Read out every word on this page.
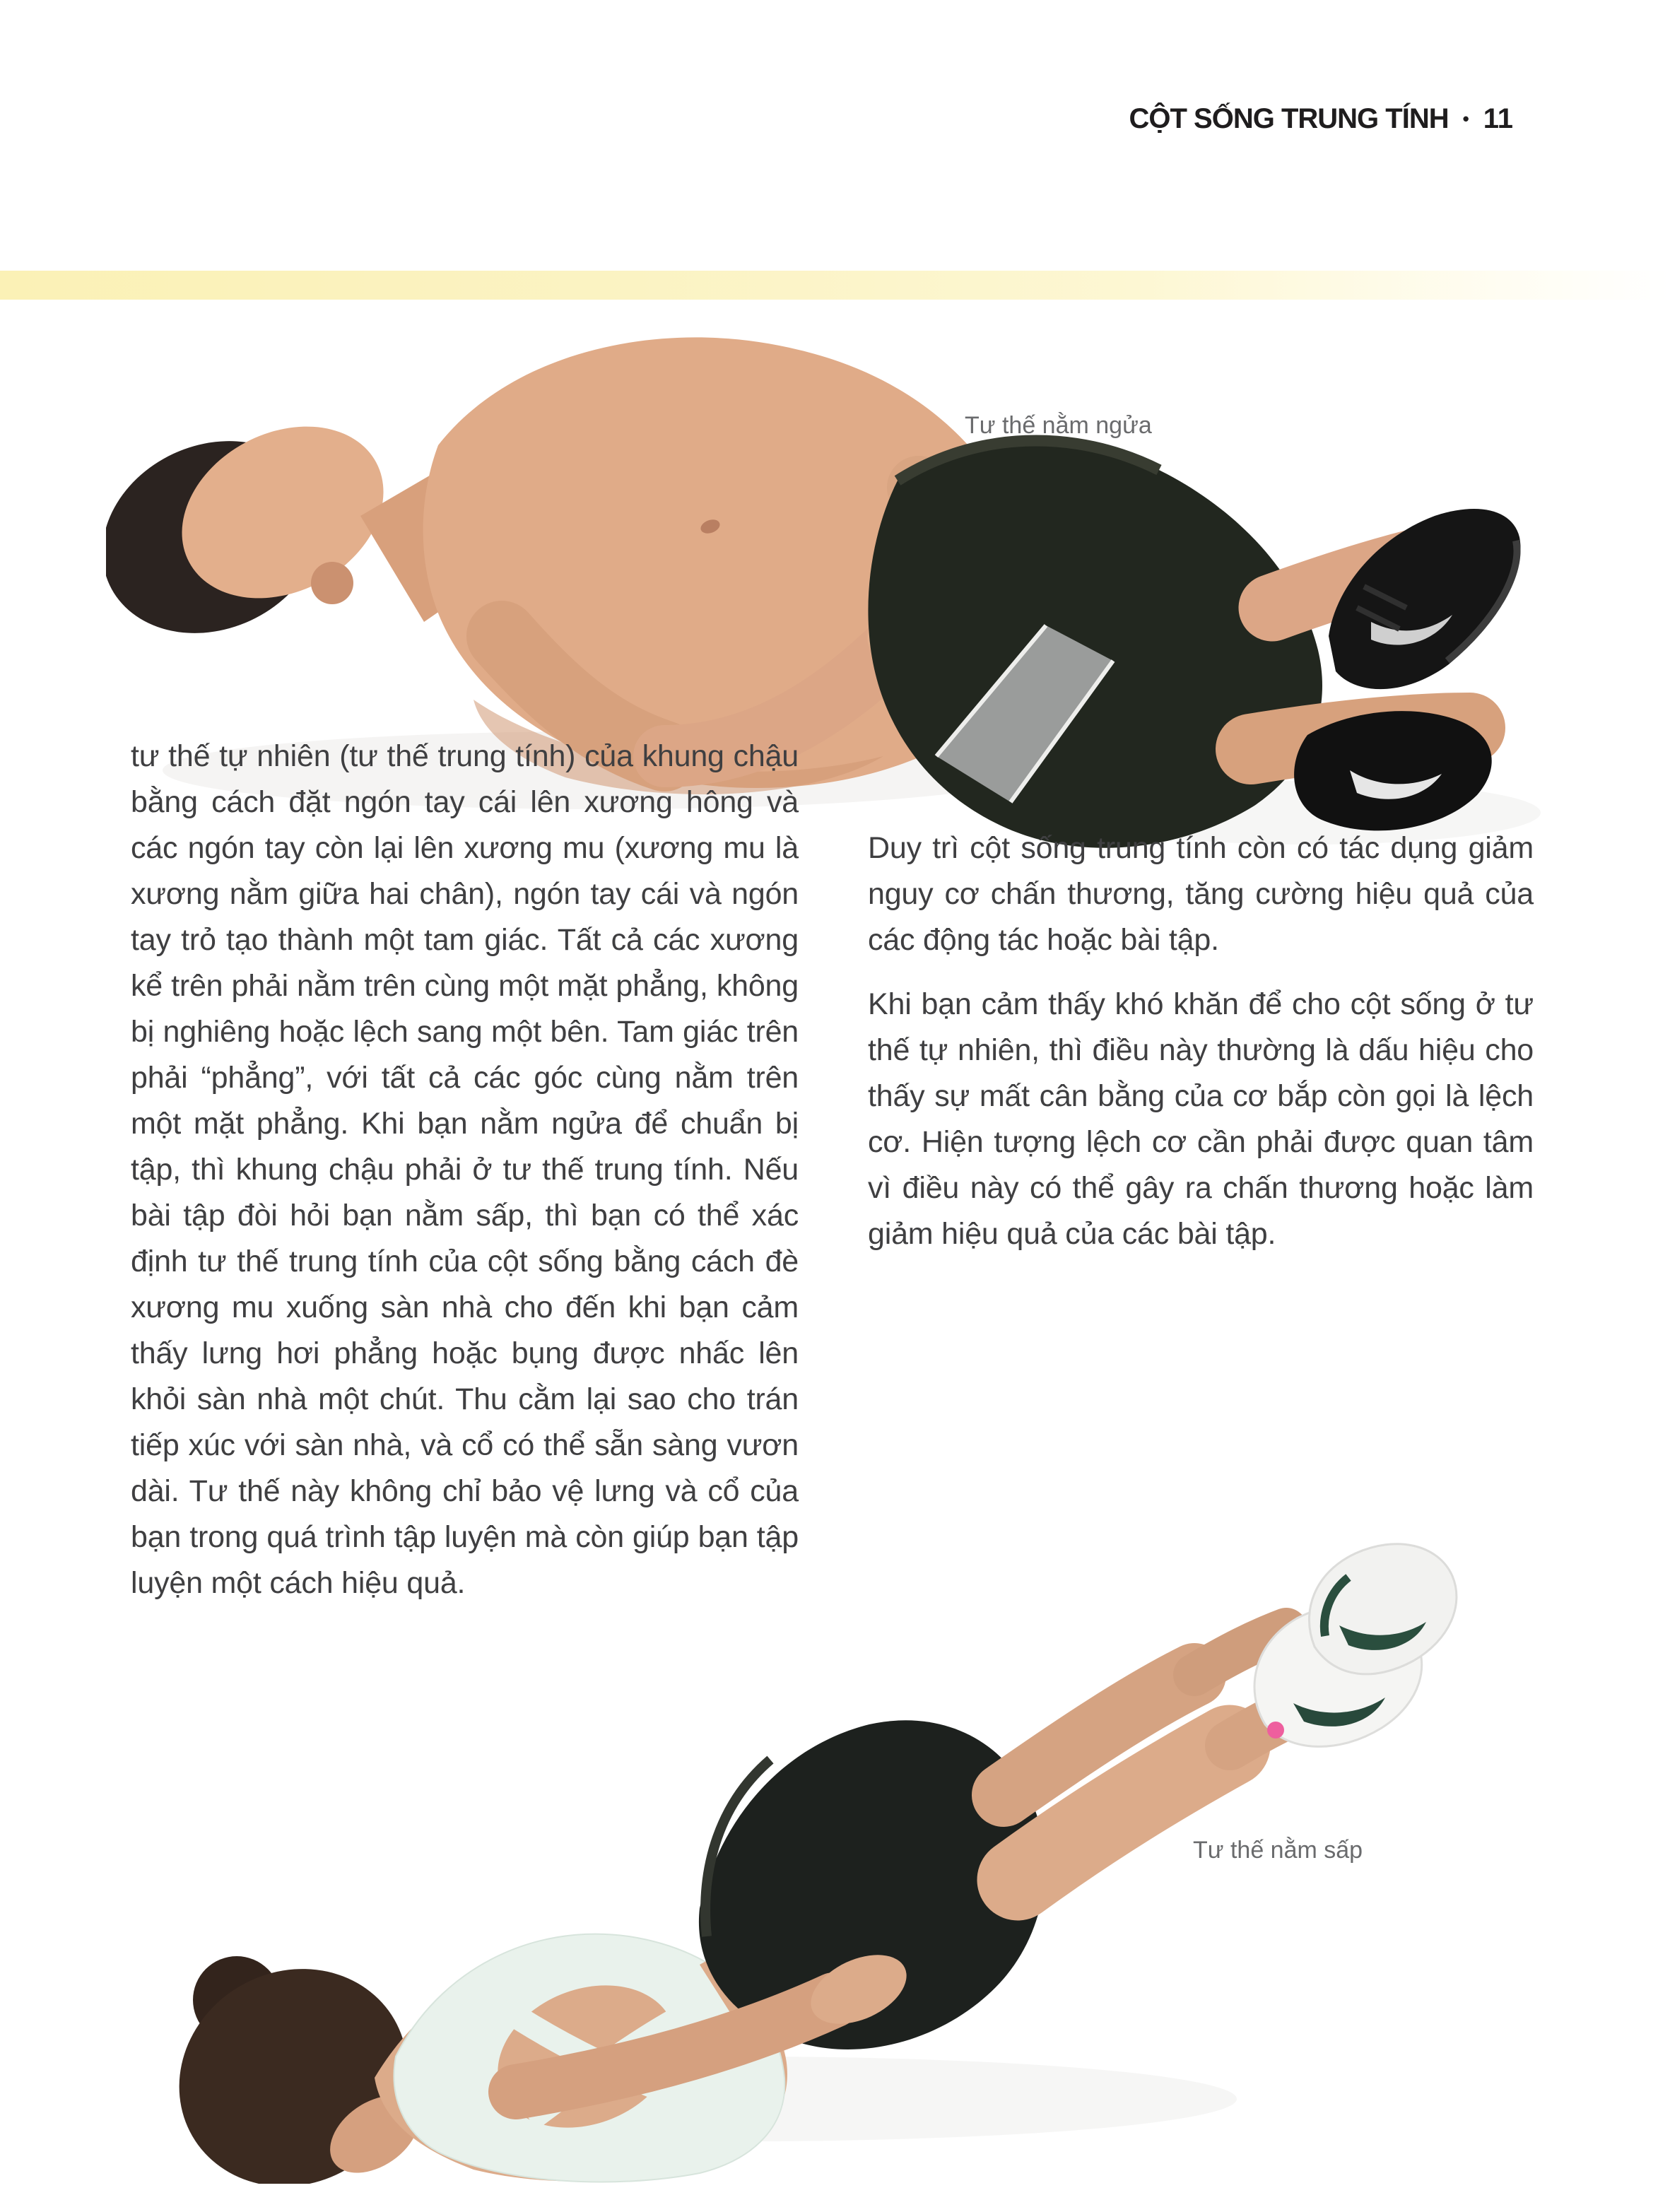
CỘT SỐNG TRUNG TÍNH • 11
Tư thế nằm ngửa

tư thế tự nhiên (tư thế trung tính) của khung chậu bằng cách đặt ngón tay cái lên xương hông và các ngón tay còn lại lên xương mu (xương mu là xương nằm giữa hai chân), ngón tay cái và ngón tay trỏ tạo thành một tam giác. Tất cả các xương kể trên phải nằm trên cùng một mặt phẳng, không bị nghiêng hoặc lệch sang một bên. Tam giác trên phải “phẳng”, với tất cả các góc cùng nằm trên một mặt phẳng. Khi bạn nằm ngửa để chuẩn bị tập, thì khung chậu phải ở tư thế trung tính. Nếu bài tập đòi hỏi bạn nằm sấp, thì bạn có thể xác định tư thế trung tính của cột sống bằng cách đè xương mu xuống sàn nhà cho đến khi bạn cảm thấy lưng hơi phẳng hoặc bụng được nhấc lên khỏi sàn nhà một chút. Thu cằm lại sao cho trán tiếp xúc với sàn nhà, và cổ có thể sẵn sàng vươn dài. Tư thế này không chỉ bảo vệ lưng và cổ của bạn trong quá trình tập luyện mà còn giúp bạn tập luyện một cách hiệu quả.

Duy trì cột sống trung tính còn có tác dụng giảm nguy cơ chấn thương, tăng cường hiệu quả của các động tác hoặc bài tập.

Khi bạn cảm thấy khó khăn để cho cột sống ở tư thế tự nhiên, thì điều này thường là dấu hiệu cho thấy sự mất cân bằng của cơ bắp còn gọi là lệch cơ. Hiện tượng lệch cơ cần phải được quan tâm vì điều này có thể gây ra chấn thương hoặc làm giảm hiệu quả của các bài tập.

Tư thế nằm sấp
